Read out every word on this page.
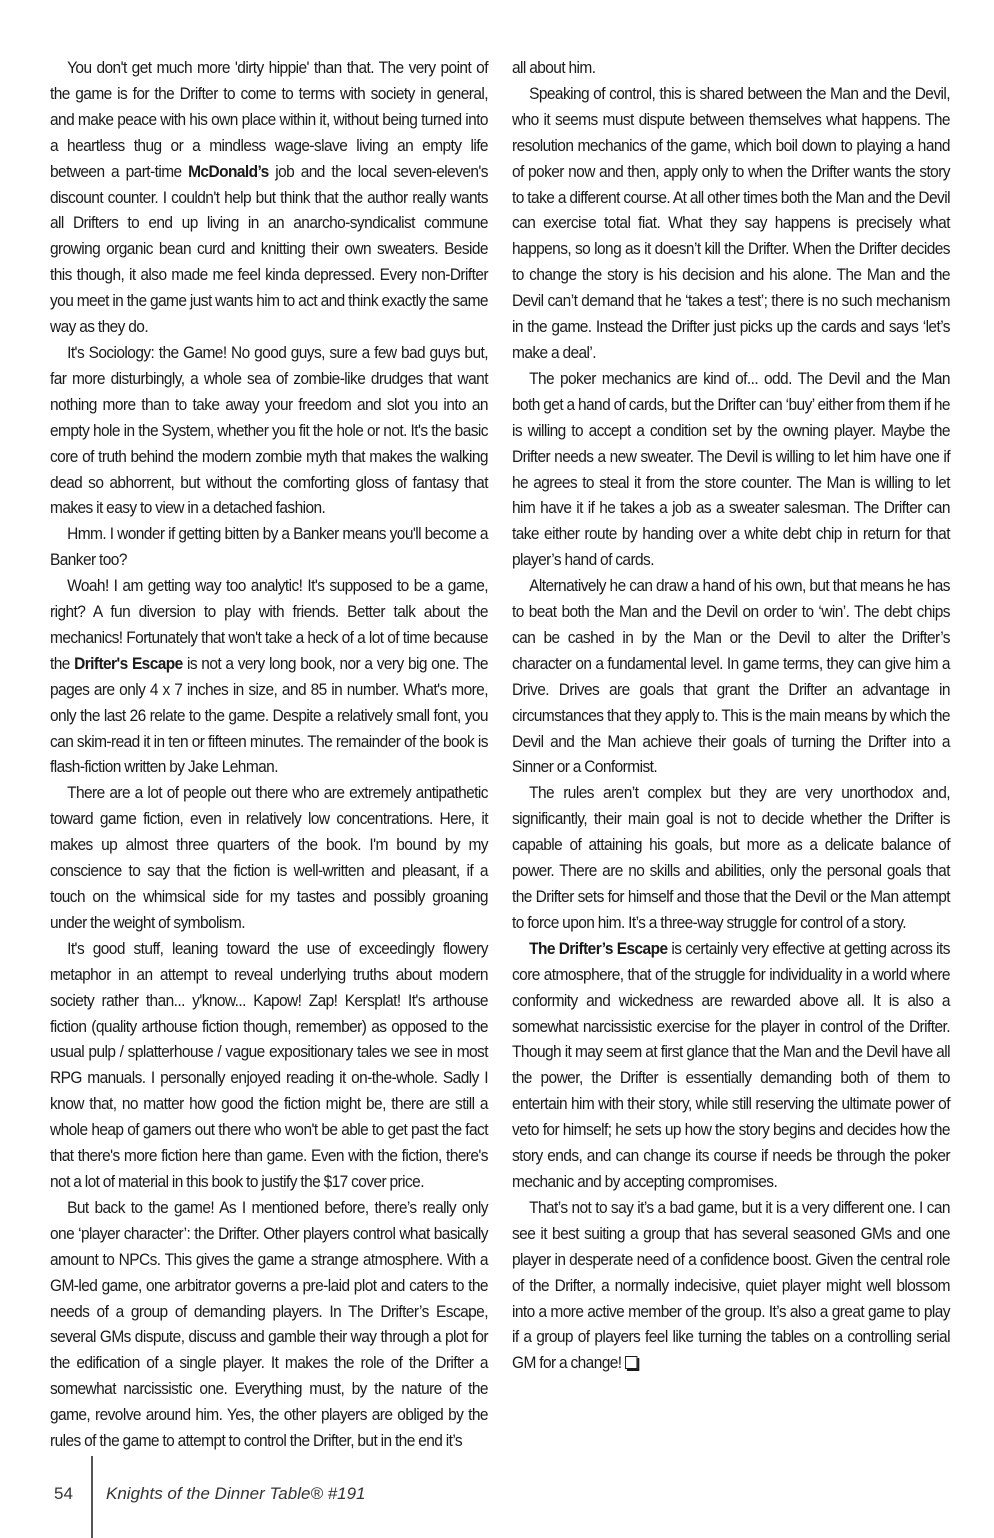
You don't get much more 'dirty hippie' than that. The very point of the game is for the Drifter to come to terms with society in general, and make peace with his own place within it, without being turned into a heartless thug or a mindless wage-slave living an empty life between a part-time McDonald’s job and the local seven-eleven's discount counter. I couldn't help but think that the author really wants all Drifters to end up living in an anarcho-syndicalist commune growing organic bean curd and knitting their own sweaters. Beside this though, it also made me feel kinda depressed. Every non-Drifter you meet in the game just wants him to act and think exactly the same way as they do.

It's Sociology: the Game! No good guys, sure a few bad guys but, far more disturbingly, a whole sea of zombie-like drudges that want nothing more than to take away your freedom and slot you into an empty hole in the System, whether you fit the hole or not. It's the basic core of truth behind the modern zombie myth that makes the walking dead so abhorrent, but without the comforting gloss of fantasy that makes it easy to view in a detached fashion.

Hmm. I wonder if getting bitten by a Banker means you'll become a Banker too?

Woah! I am getting way too analytic! It's supposed to be a game, right? A fun diversion to play with friends. Better talk about the mechanics! Fortunately that won't take a heck of a lot of time because the Drifter's Escape is not a very long book, nor a very big one. The pages are only 4 x 7 inches in size, and 85 in number. What's more, only the last 26 relate to the game. Despite a relatively small font, you can skim-read it in ten or fifteen minutes. The remainder of the book is flash-fiction written by Jake Lehman.

There are a lot of people out there who are extremely antipathetic toward game fiction, even in relatively low concentrations. Here, it makes up almost three quarters of the book. I'm bound by my conscience to say that the fiction is well-written and pleasant, if a touch on the whimsical side for my tastes and possibly groaning under the weight of symbolism.

It's good stuff, leaning toward the use of exceedingly flowery metaphor in an attempt to reveal underlying truths about modern society rather than... y'know... Kapow! Zap! Kersplat! It's arthouse fiction (quality arthouse fiction though, remember) as opposed to the usual pulp / splatterhouse / vague expositionary tales we see in most RPG manuals. I personally enjoyed reading it on-the-whole. Sadly I know that, no matter how good the fiction might be, there are still a whole heap of gamers out there who won't be able to get past the fact that there's more fiction here than game. Even with the fiction, there's not a lot of material in this book to justify the $17 cover price.

But back to the game! As I mentioned before, there’s really only one ‘player character’: the Drifter. Other players control what basically amount to NPCs. This gives the game a strange atmosphere. With a GM-led game, one arbitrator governs a pre-laid plot and caters to the needs of a group of demanding players. In The Drifter’s Escape, several GMs dispute, discuss and gamble their way through a plot for the edification of a single player. It makes the role of the Drifter a somewhat narcissistic one. Everything must, by the nature of the game, revolve around him. Yes, the other players are obliged by the rules of the game to attempt to control the Drifter, but in the end it’s

all about him.

Speaking of control, this is shared between the Man and the Devil, who it seems must dispute between themselves what happens. The resolution mechanics of the game, which boil down to playing a hand of poker now and then, apply only to when the Drifter wants the story to take a different course. At all other times both the Man and the Devil can exercise total fiat. What they say happens is precisely what happens, so long as it doesn’t kill the Drifter. When the Drifter decides to change the story is his decision and his alone. The Man and the Devil can’t demand that he ‘takes a test’; there is no such mechanism in the game. Instead the Drifter just picks up the cards and says ‘let’s make a deal’.

The poker mechanics are kind of... odd. The Devil and the Man both get a hand of cards, but the Drifter can ‘buy’ either from them if he is willing to accept a condition set by the owning player. Maybe the Drifter needs a new sweater. The Devil is willing to let him have one if he agrees to steal it from the store counter. The Man is willing to let him have it if he takes a job as a sweater salesman. The Drifter can take either route by handing over a white debt chip in return for that player’s hand of cards.

Alternatively he can draw a hand of his own, but that means he has to beat both the Man and the Devil on order to ‘win’. The debt chips can be cashed in by the Man or the Devil to alter the Drifter’s character on a fundamental level. In game terms, they can give him a Drive. Drives are goals that grant the Drifter an advantage in circumstances that they apply to. This is the main means by which the Devil and the Man achieve their goals of turning the Drifter into a Sinner or a Conformist.

The rules aren’t complex but they are very unorthodox and, significantly, their main goal is not to decide whether the Drifter is capable of attaining his goals, but more as a delicate balance of power. There are no skills and abilities, only the personal goals that the Drifter sets for himself and those that the Devil or the Man attempt to force upon him. It’s a three-way struggle for control of a story.

The Drifter’s Escape is certainly very effective at getting across its core atmosphere, that of the struggle for individuality in a world where conformity and wickedness are rewarded above all. It is also a somewhat narcissistic exercise for the player in control of the Drifter. Though it may seem at first glance that the Man and the Devil have all the power, the Drifter is essentially demanding both of them to entertain him with their story, while still reserving the ultimate power of veto for himself; he sets up how the story begins and decides how the story ends, and can change its course if needs be through the poker mechanic and by accepting compromises.

That’s not to say it’s a bad game, but it is a very different one. I can see it best suiting a group that has several seasoned GMs and one player in desperate need of a confidence boost. Given the central role of the Drifter, a normally indecisive, quiet player might well blossom into a more active member of the group. It’s also a great game to play if a group of players feel like turning the tables on a controlling serial GM for a change!

54 Knights of the Dinner Table® #191
